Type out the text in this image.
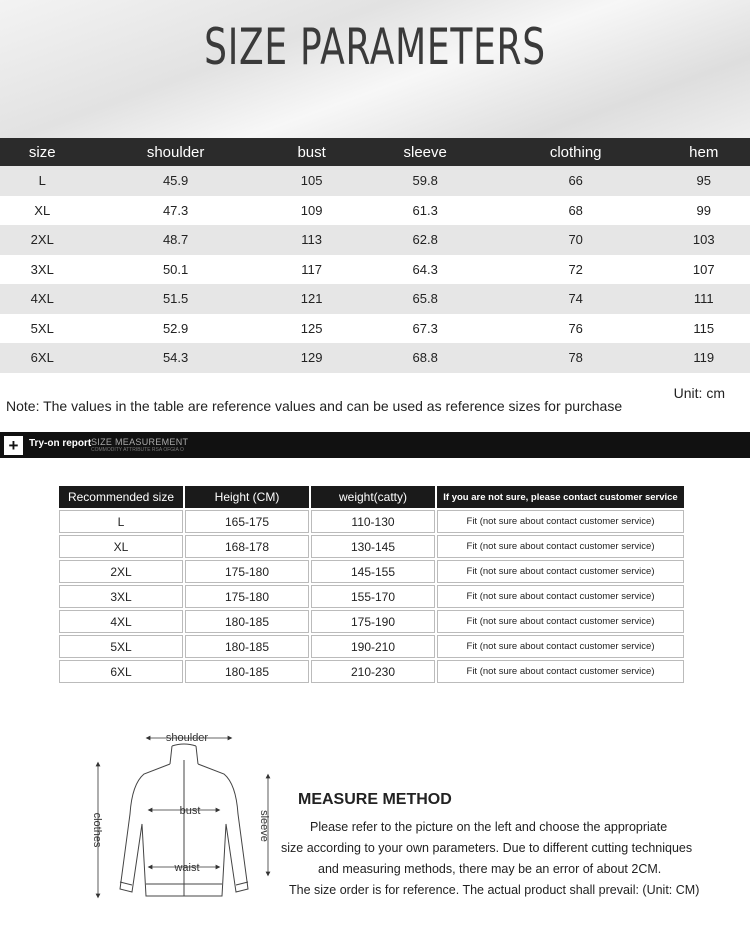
SIZE PARAMETERS
size	shoulder	bust	sleeve	clothing	hem
L	45.9	105	59.8	66	95
XL	47.3	109	61.3	68	99
2XL	48.7	113	62.8	70	103
3XL	50.1	117	64.3	72	107
4XL	51.5	121	65.8	74	111
5XL	52.9	125	67.3	76	115
6XL	54.3	129	68.8	78	119
Unit: cm
Note: The values in the table are reference values and can be used as reference sizes for purchase
+	Try-on report SIZE MEASUREMENT
COMMODITY ATTRIBUTE RSA OFGIA O
Recommended size	Height (CM)	weight(catty)	If you are not sure, please contact customer service
L	165-175	110-130	Fit (not sure about contact customer service)
XL	168-178	130-145	Fit (not sure about contact customer service)
2XL	175-180	145-155	Fit (not sure about contact customer service)
3XL	175-180	155-170	Fit (not sure about contact customer service)
4XL	180-185	175-190	Fit (not sure about contact customer service)
5XL	180-185	190-210	Fit (not sure about contact customer service)
6XL	180-185	210-230	Fit (not sure about contact customer service)
shoulder
bust
waist
clothes	sleeve
MEASURE METHOD
Please refer to the picture on the left and choose the appropriate
size according to your own parameters. Due to different cutting techniques
and measuring methods, there may be an error of about 2CM.
The size order is for reference. The actual product shall prevail: (Unit: CM)
